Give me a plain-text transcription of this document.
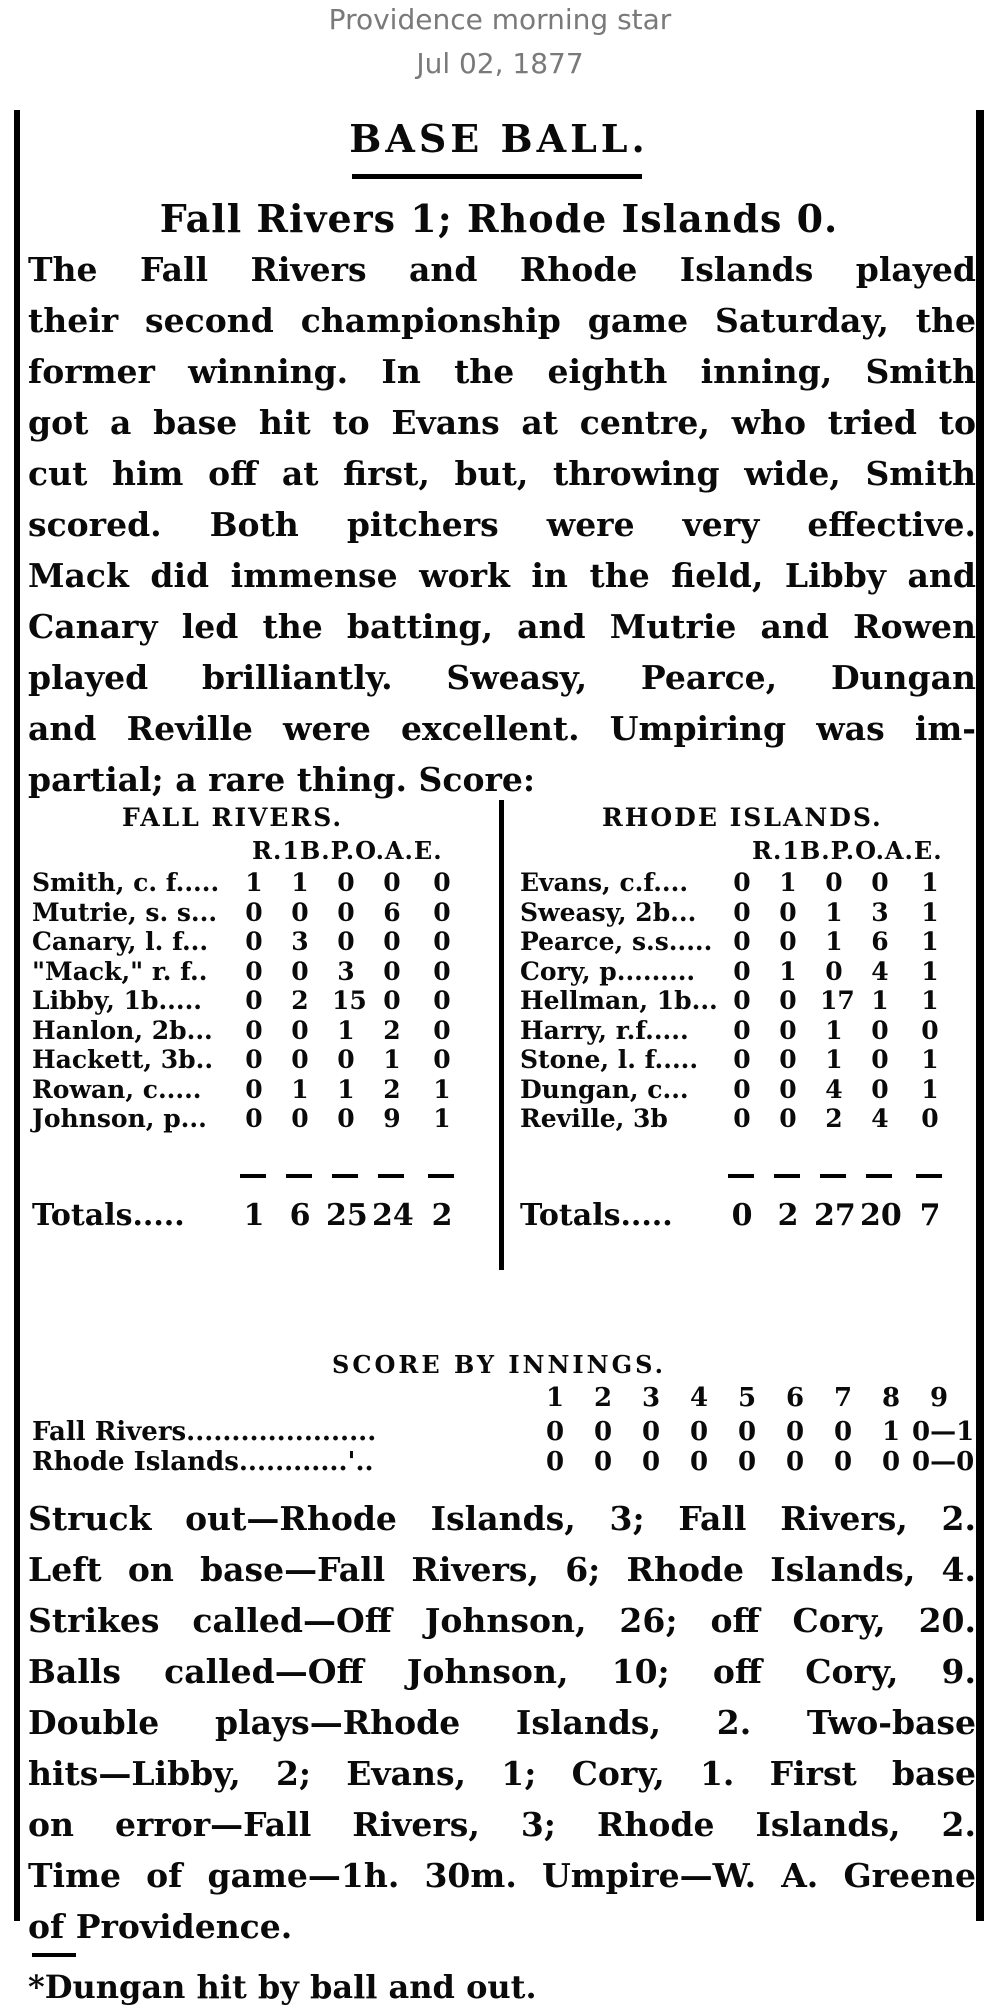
Providence morning star
Jul 02, 1877
BASE BALL.
Fall Rivers 1; Rhode Islands 0.
The Fall Rivers and Rhode Islands played
their second championship game Saturday, the
former winning. In the eighth inning, Smith
got a base hit to Evans at centre, who tried to
cut him off at first, but, throwing wide, Smith
scored. Both pitchers were very effective.
Mack did immense work in the field, Libby and
Canary led the batting, and Mutrie and Rowen
played brilliantly. Sweasy, Pearce, Dungan
and Reville were excellent. Umpiring was im-
partial; a rare thing. Score:
FALL RIVERS.
R.1B.P.O.A.E.
RHODE ISLANDS.
R.1B.P.O.A.E.
Smith, c. f..... 1 1 0 0 0
Mutrie, s. s... 0 0 0 6 0
Canary, l. f... 0 3 0 0 0
"Mack," r. f.. 0 0 3 0 0
Libby, 1b..... 0 2 15 0 0
Hanlon, 2b... 0 0 1 2 0
Hackett, 3b.. 0 0 0 1 0
Rowan, c..... 0 1 1 2 1
Johnson, p... 0 0 0 9 1
Totals.....	1 6 25 24 2
Evans, c.f.... 0 1 0 0 1
Sweasy, 2b... 0 0 1 3 1
Pearce, s.s..... 0 0 1 6 1
Cory, p......... 0 1 0 4 1
Hellman, 1b... 0 0 17 1 1
Harry, r.f..... 0 0 1 0 0
Stone, l. f..... 0 0 1 0 1
Dungan, c... 0 0 4 0 1
Reville, 3b	0 0 2 4 0
Totals.....	0 2 27 20 7
SCORE BY INNINGS.
1 2 3 4 5 6 7 8 9
Fall Rivers.....................	0 0 0 0 0 0 0 1 0—1
Rhode Islands............'..	0 0 0 0 0 0 0 0 0—0
Struck out—Rhode Islands, 3; Fall Rivers, 2.
Left on base—Fall Rivers, 6; Rhode Islands, 4.
Strikes called—Off Johnson, 26; off Cory, 20.
Balls called—Off Johnson, 10; off Cory, 9.
Double plays—Rhode Islands, 2. Two-base
hits—Libby, 2; Evans, 1; Cory, 1. First base
on error—Fall Rivers, 3; Rhode Islands, 2.
Time of game—1h. 30m. Umpire—W. A. Greene
of Providence.
*Dungan hit by ball and out.
